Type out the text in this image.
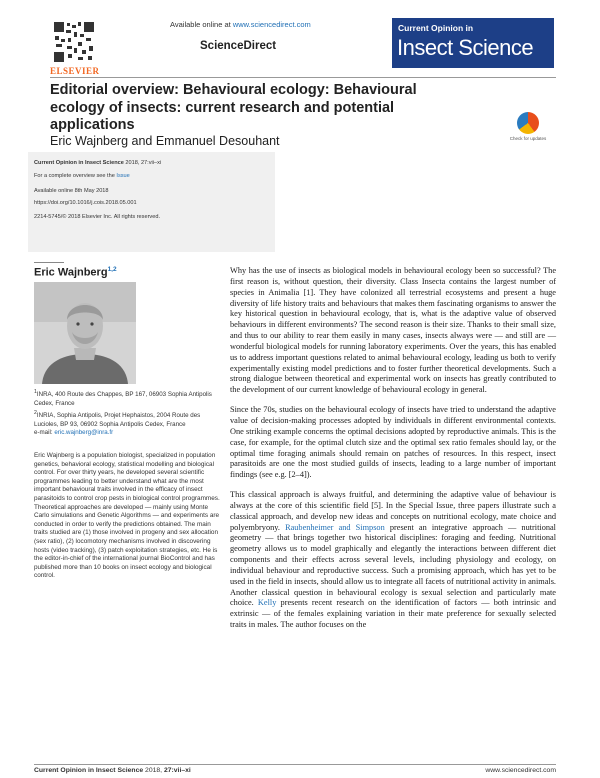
ELSEVIER
Available online at www.sciencedirect.com
ScienceDirect
Current Opinion in
Insect Science
Editorial overview: Behavioural ecology: Behavioural ecology of insects: current research and potential applications
Eric Wajnberg and Emmanuel Desouhant	Check for updates
Current Opinion in Insect Science 2018, 27:vii–xi
For a complete overview see the Issue
Available online 8th May 2018
https://doi.org/10.1016/j.cois.2018.05.001
2214-5745/© 2018 Elsevier Inc. All rights reserved.
Eric Wajnberg$^{1,2}$
$^1$INRA, 400 Route des Chappes, BP 167, 06903 Sophia Antipolis Cedex, France
$^2$INRIA, Sophia Antipolis, Projet Hephaistos, 2004 Route des Lucioles, BP 93, 06902 Sophia Antipolis Cedex, France
e-mail: eric.wajnberg@inra.fr
Eric Wajnberg is a population biologist, specialized in population genetics, behavioral ecology, statistical modelling and biological control. For over thirty years, he developed several scientific programmes leading to better understand what are the most important behavioural traits involved in the efficacy of insect parasitoids to control crop pests in biological control programmes. Theoretical approaches are developed — mainly using Monte Carlo simulations and Genetic Algorithms — and experiments are conducted in order to verify the predictions obtained. The main traits studied are (1) those involved in progeny and sex allocation (sex ratio), (2) locomotory mechanisms involved in discovering hosts (video tracking), (3) patch exploitation strategies, etc. He is the editor-in-chief of the international journal BioControl and has published more than 10 books on insect ecology and biological control.

Why has the use of insects as biological models in behavioural ecology been so successful? The first reason is, without question, their diversity. Class Insecta contains the largest number of species in Animalia [1]. They have colonized all terrestrial ecosystems and present a huge diversity of life history traits and behaviours that makes them fascinating organisms to answer the key historical question in behavioural ecology, that is, what is the adaptive value of observed behaviours in different environments? The second reason is their size. Thanks to their small size, and thus to our ability to rear them easily in many cases, insects always were — and still are — wonderful biological models for running laboratory experiments. Over the years, this has enabled us to address important questions related to animal behavioural ecology, leading us both to verify experimentally existing model predictions and to foster further theoretical developments. Such a strong dialogue between theoretical and experimental work on insects has greatly contributed to the development of our current knowledge of behavioural ecology in general.

Since the 70s, studies on the behavioural ecology of insects have tried to understand the adaptive value of decision-making processes adopted by individuals in different environmental contexts. One striking example concerns the optimal decisions adopted by reproductive animals. This is the case, for example, for the optimal clutch size and the optimal sex ratio females should lay, or the optimal time foraging animals should remain on patches of resources. In this respect, insect parasitoids are one the most studied guilds of insects, leading to a large number of important findings (see e.g. [2–4]).

This classical approach is always fruitful, and determining the adaptive value of behaviour is always at the core of this scientific field [5]. In the Special Issue, three papers illustrate such a classical approach, and develop new ideas and concepts on nutritional ecology, mate choice and polyembryony. Raubenheimer and Simpson present an integrative approach — nutritional geometry — that brings together two historical disciplines: foraging and feeding. Nutritional geometry allows us to model graphically and elegantly the interactions between different diet components and their effects across several levels, including physiology and ecology, on individual behaviour and reproductive success. Such a promising approach, which has yet to be used in the field in insects, should allow us to integrate all facets of nutritional activity in animals. Another classical question in behavioural ecology is sexual selection and particularly mate choice. Kelly presents recent research on the identification of factors — both intrinsic and extrinsic — of the females explaining variation in their mate preference for sexually selected traits in males. The author focuses on the

Current Opinion in Insect Science 2018, 27:vii–xi	www.sciencedirect.com
